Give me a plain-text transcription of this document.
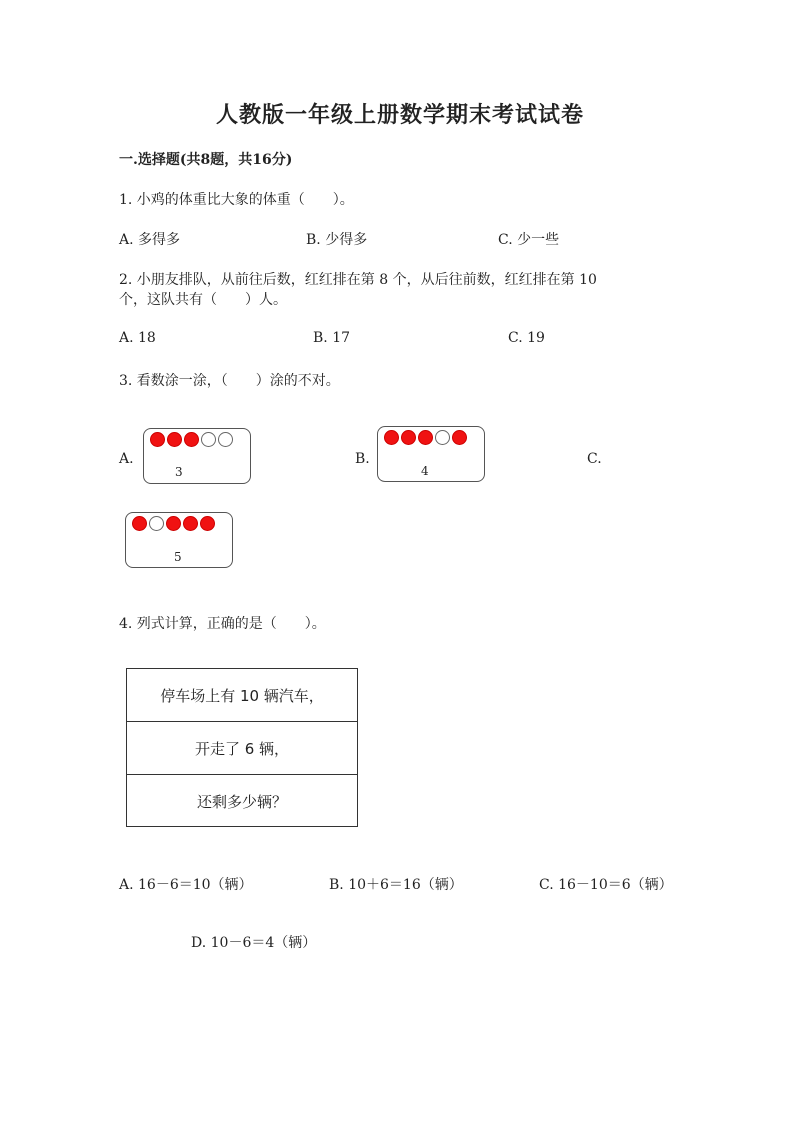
人教版一年级上册数学期末考试试卷
一.选择题(共8题，共16分)
1. 小鸡的体重比大象的体重（　　）。
A. 多得多	B. 少得多	C. 少一些
2. 小朋友排队，从前往后数，红红排在第 8 个，从后往前数，红红排在第 10
个，这队共有（　　）人。
A. 18	B. 17	C. 19
3. 看数涂一涂，（　　）涂的不对。
A.
3
B.
4
C.
5
4. 列式计算，正确的是（　　）。
停车场上有 10 辆汽车，
开走了 6 辆，
还剩多少辆？
A. 16－6＝10（辆）	B. 10＋6＝16（辆）	C. 16－10＝6（辆）
D. 10－6＝4（辆）
